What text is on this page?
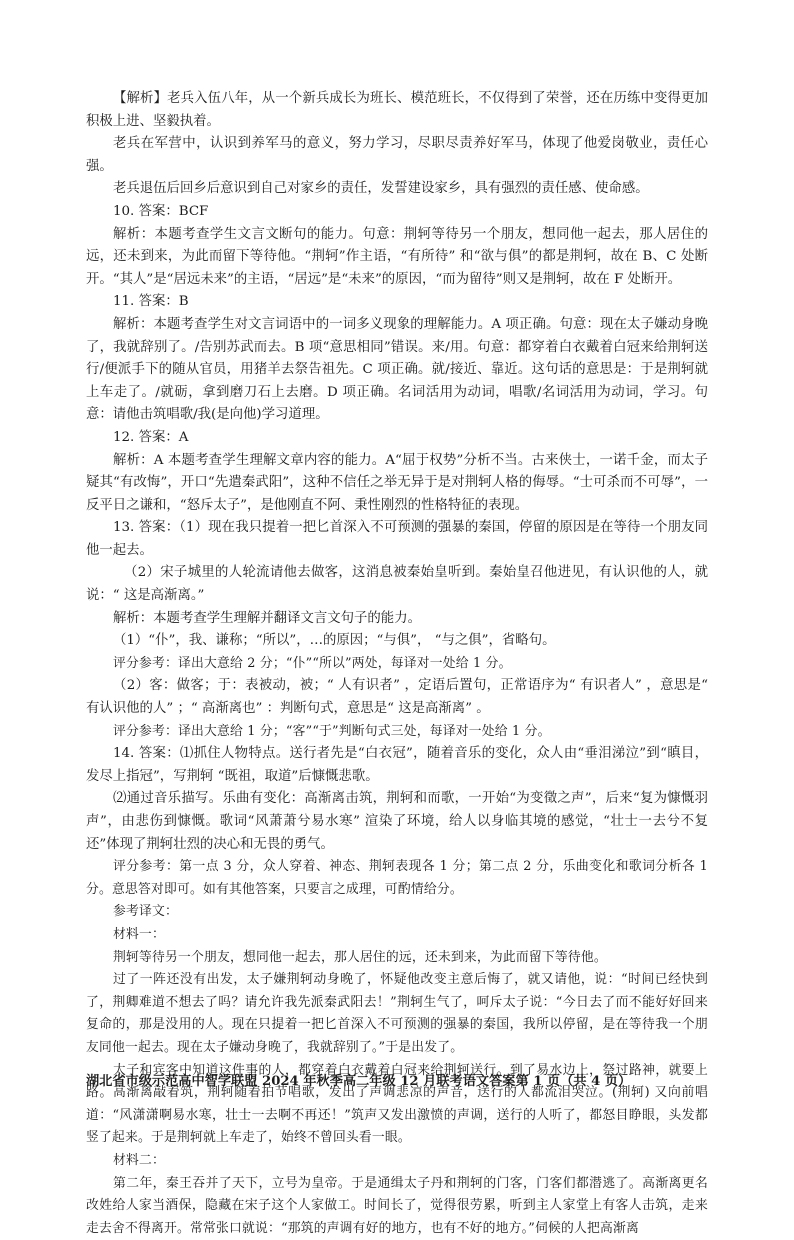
【解析】老兵入伍八年，从一个新兵成长为班长、模范班长，不仅得到了荣誉，还在历练中变得更加积极上进、坚毅执着。

老兵在军营中，认识到养军马的意义，努力学习，尽职尽责养好军马，体现了他爱岗敬业，责任心强。

老兵退伍后回乡后意识到自己对家乡的责任，发誓建设家乡，具有强烈的责任感、使命感。

10. 答案：BCF

解析：本题考查学生文言文断句的能力。句意：荆轲等待另一个朋友，想同他一起去，那人居住的远，还未到来，为此而留下等待他。“荆轲”作主语，“有所待” 和“欲与俱”的都是荆轲，故在 B、C 处断开。“其人”是“居远未来”的主语，“居远”是“未来”的原因，“而为留待”则又是荆轲，故在 F 处断开。

11. 答案：B

解析：本题考查学生对文言词语中的一词多义现象的理解能力。A 项正确。句意：现在太子嫌动身晚了，我就辞别了。/告别苏武而去。B 项“意思相同”错误。来/用。句意：都穿着白衣戴着白冠来给荆轲送行/便派手下的随从官员，用猪羊去祭告祖先。C 项正确。就/接近、靠近。这句话的意思是：于是荆轲就上车走了。/就砺，拿到磨刀石上去磨。D 项正确。名词活用为动词，唱歌/名词活用为动词，学习。句意：请他击筑唱歌/我(是向他)学习道理。

12. 答案：A

解析：A 本题考查学生理解文章内容的能力。A“屈于权势”分析不当。古来侠士，一诺千金，而太子疑其“有改悔”，开口“先遣秦武阳”，这种不信任之举无异于是对荆轲人格的侮辱。“士可杀而不可辱”，一反平日之谦和，“怒斥太子”，是他刚直不阿、秉性刚烈的性格特征的表现。

13. 答案：（1）现在我只提着一把匕首深入不可预测的强暴的秦国，停留的原因是在等待一个朋友同他一起去。

（2）宋子城里的人轮流请他去做客，这消息被秦始皇听到。秦始皇召他进见，有认识他的人，就说：“ 这是高渐离。”

解析：本题考查学生理解并翻译文言文句子的能力。

（1）“仆”，我、谦称；“所以”，…的原因；“与俱”， “与之俱”，省略句。

评分参考：译出大意给 2 分；“仆”“所以”两处，每译对一处给 1 分。

（2）客：做客；于：表被动，被；“ 人有识者” ，定语后置句，正常语序为“ 有识者人” ，意思是“ 有认识他的人” ；“ 高渐离也” ：判断句式，意思是“ 这是高渐离” 。

评分参考：译出大意给 1 分；“客”“于”判断句式三处，每译对一处给 1 分。

14. 答案：⑴抓住人物特点。送行者先是“白衣冠”，随着音乐的变化，众人由“垂泪涕泣”到“瞋目，发尽上指冠”，写荆轲 “既祖，取道”后慷慨悲歌。

⑵通过音乐描写。乐曲有变化：高渐离击筑，荆轲和而歌，一开始“为变徵之声”，后来“复为慷慨羽声”，由悲伤到慷慨。歌词“风萧萧兮易水寒” 渲染了环境，给人以身临其境的感觉，“壮士一去兮不复还”体现了荆轲壮烈的决心和无畏的勇气。

评分参考：第一点 3 分，众人穿着、神态、荆轲表现各 1 分；第二点 2 分，乐曲变化和歌词分析各 1 分。意思答对即可。如有其他答案，只要言之成理，可酌情给分。

参考译文：

材料一：

荆轲等待另一个朋友，想同他一起去，那人居住的远，还未到来，为此而留下等待他。

过了一阵还没有出发，太子嫌荆轲动身晚了，怀疑他改变主意后悔了，就又请他，说：“时间已经快到了，荆卿难道不想去了吗？请允许我先派秦武阳去！”荆轲生气了，呵斥太子说：“今日去了而不能好好回来复命的，那是没用的人。现在只提着一把匕首深入不可预测的强暴的秦国，我所以停留，是在等待我一个朋友同他一起去。现在太子嫌动身晚了，我就辞别了。”于是出发了。

太子和宾客中知道这件事的人，都穿着白衣戴着白冠来给荆轲送行。到了易水边上，祭过路神，就要上路。高渐离敲着筑，荆轲随着拍节唱歌，发出了声调悲凉的声音，送行的人都流泪哭泣。(荆轲) 又向前唱道：“风潇潇啊易水寒，壮士一去啊不再还！”筑声又发出激愤的声调，送行的人听了，都怒目睁眼，头发都竖了起来。于是荆轲就上车走了，始终不曾回头看一眼。

材料二：

第二年，秦王吞并了天下，立号为皇帝。于是通缉太子丹和荆轲的门客，门客们都潜逃了。高渐离更名改姓给人家当酒保，隐藏在宋子这个人家做工。时间长了，觉得很劳累，听到主人家堂上有客人击筑，走来走去舍不得离开。常常张口就说：“那筑的声调有好的地方，也有不好的地方。”伺候的人把高渐离

湖北省市级示范高中智学联盟 2024 年秋季高二年级 12 月联考语文答案第 1 页（共 4 页）
